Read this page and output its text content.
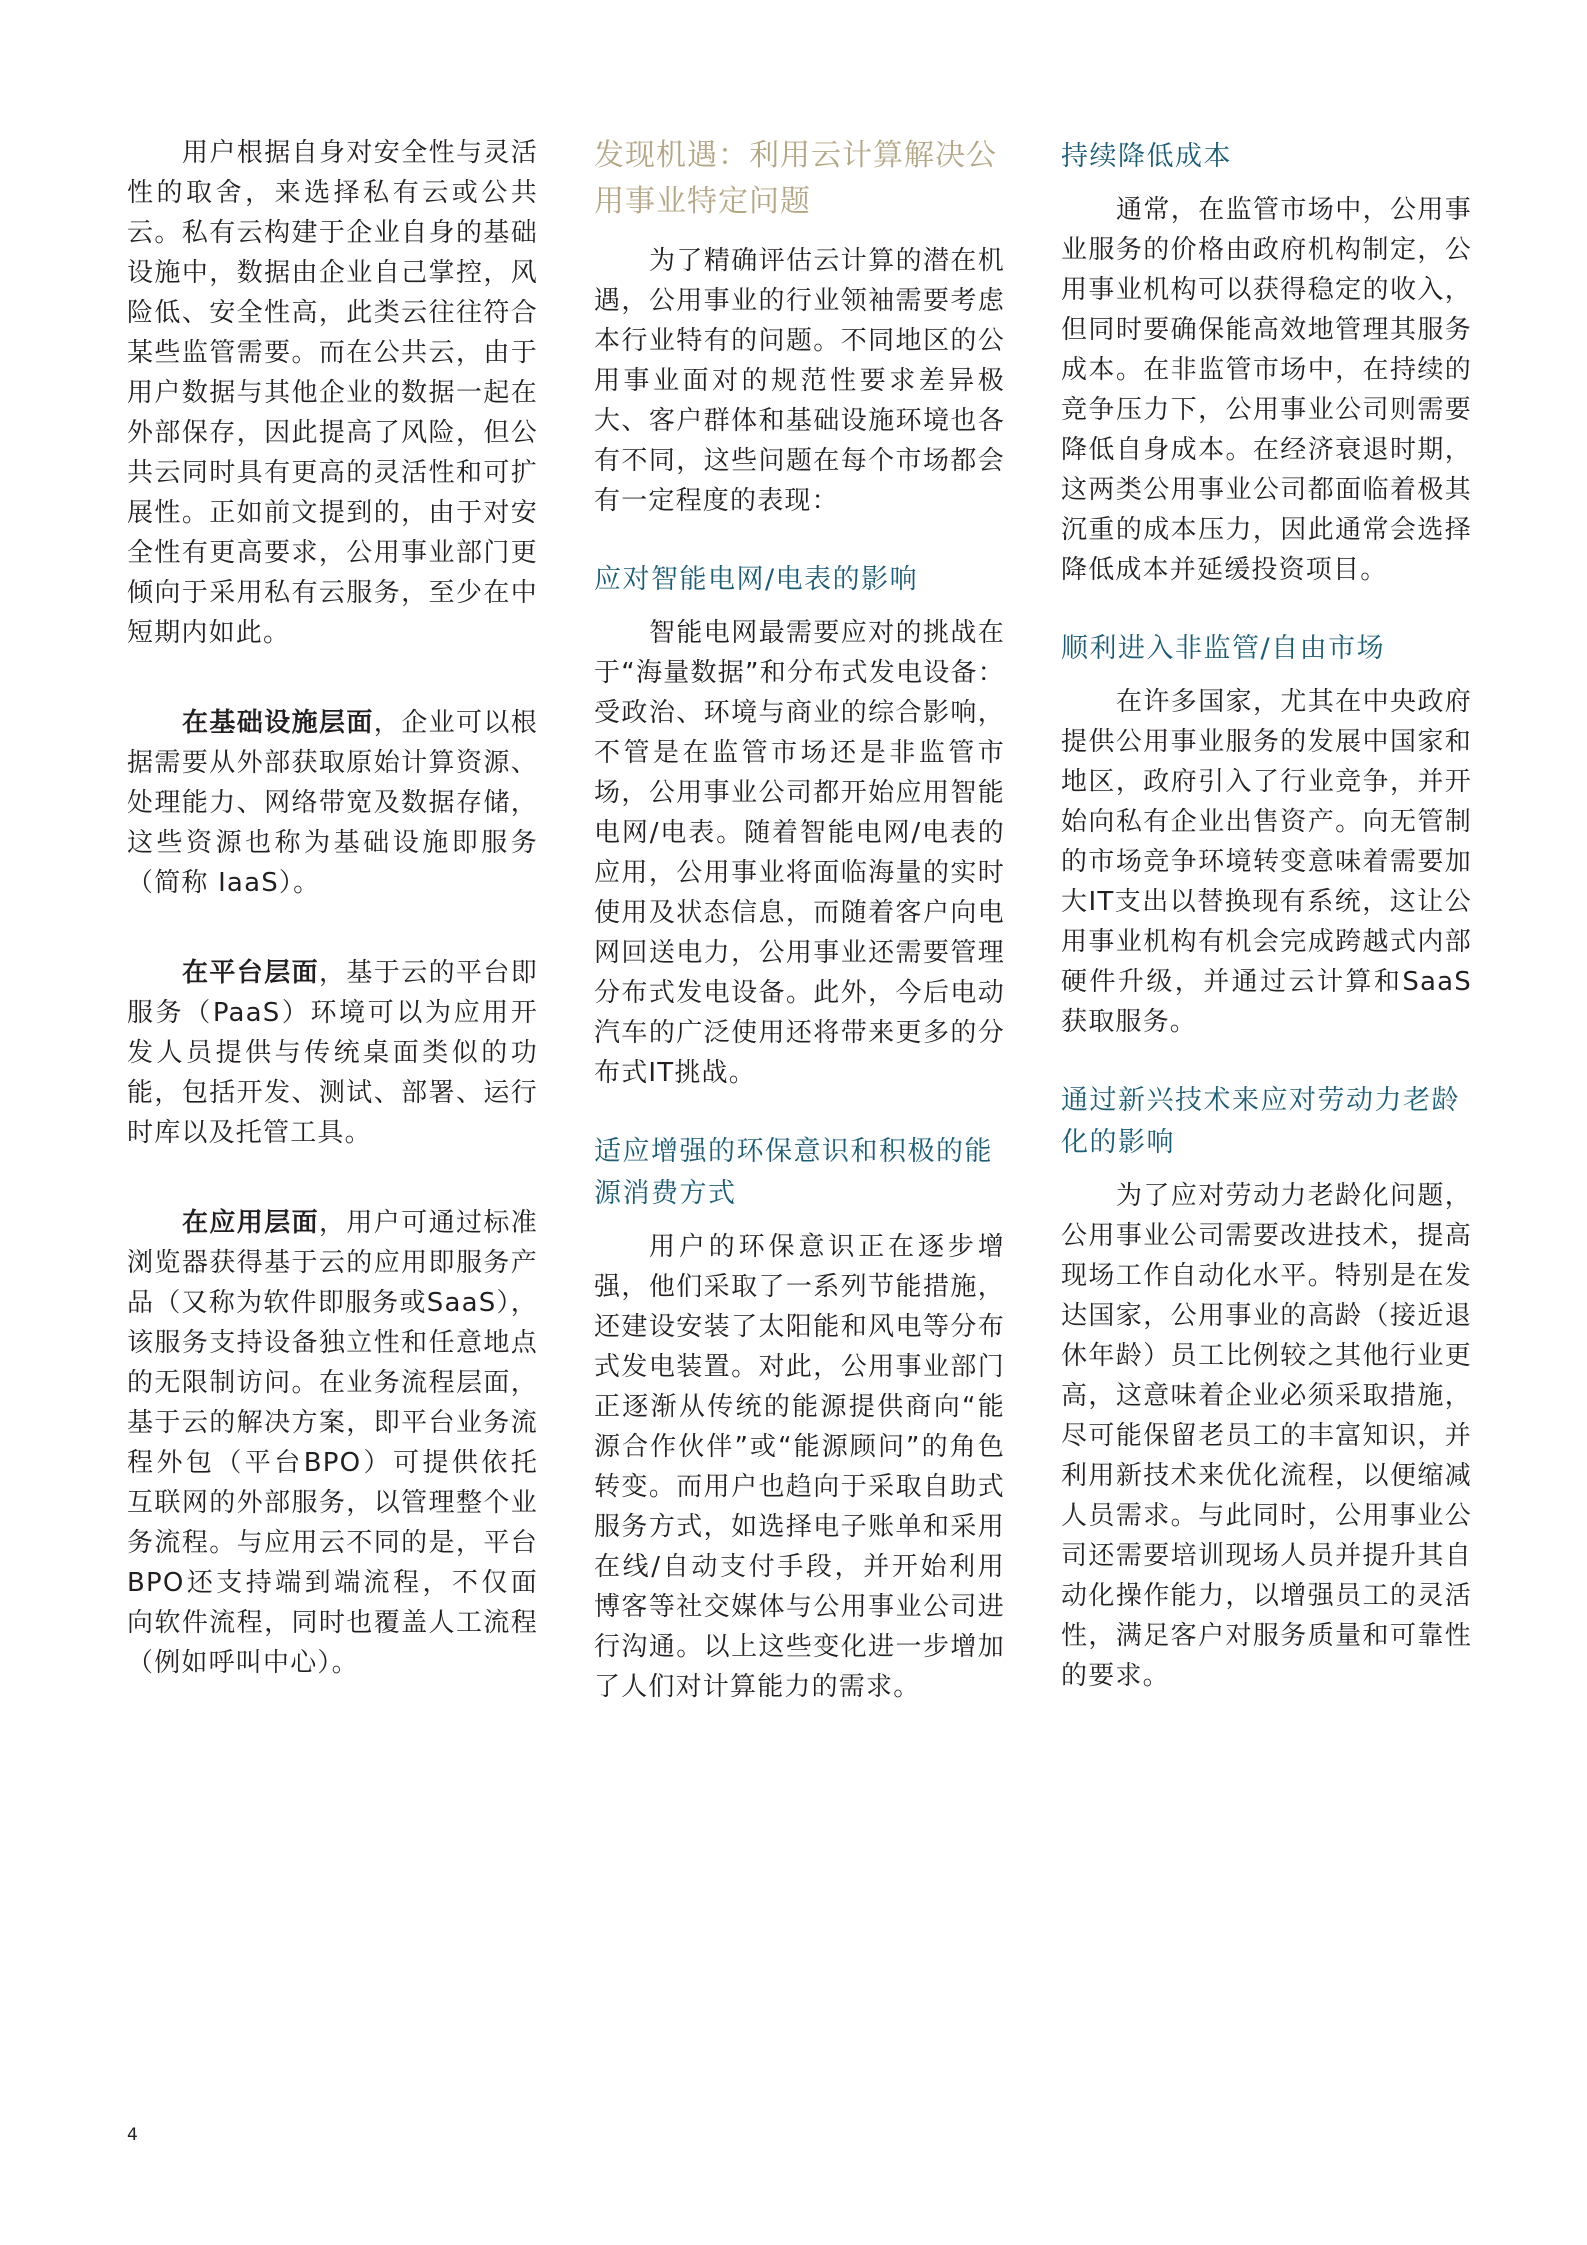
用户根据自身对安全性与灵活性的取舍，来选择私有云或公共云。私有云构建于企业自身的基础设施中，数据由企业自己掌控，风险低、安全性高，此类云往往符合某些监管需要。而在公共云，由于用户数据与其他企业的数据一起在外部保存，因此提高了风险，但公共云同时具有更高的灵活性和可扩展性。正如前文提到的，由于对安全性有更高要求，公用事业部门更倾向于采用私有云服务，至少在中短期内如此。

在基础设施层面，企业可以根据需要从外部获取原始计算资源、处理能力、网络带宽及数据存储，这些资源也称为基础设施即服务（简称 IaaS）。

在平台层面，基于云的平台即服务（PaaS）环境可以为应用开发人员提供与传统桌面类似的功能，包括开发、测试、部署、运行时库以及托管工具。

在应用层面，用户可通过标准浏览器获得基于云的应用即服务产品（又称为软件即服务或SaaS），该服务支持设备独立性和任意地点的无限制访问。在业务流程层面，基于云的解决方案，即平台业务流程外包（平台BPO）可提供依托互联网的外部服务，以管理整个业务流程。与应用云不同的是，平台BPO还支持端到端流程，不仅面向软件流程，同时也覆盖人工流程（例如呼叫中心）。

发现机遇：利用云计算解决公用事业特定问题

为了精确评估云计算的潜在机遇，公用事业的行业领袖需要考虑本行业特有的问题。不同地区的公用事业面对的规范性要求差异极大、客户群体和基础设施环境也各有不同，这些问题在每个市场都会有一定程度的表现：

应对智能电网/电表的影响

智能电网最需要应对的挑战在于“海量数据”和分布式发电设备：受政治、环境与商业的综合影响，不管是在监管市场还是非监管市场，公用事业公司都开始应用智能电网/电表。随着智能电网/电表的应用，公用事业将面临海量的实时使用及状态信息，而随着客户向电网回送电力，公用事业还需要管理分布式发电设备。此外，今后电动汽车的广泛使用还将带来更多的分布式IT挑战。

适应增强的环保意识和积极的能源消费方式

用户的环保意识正在逐步增强，他们采取了一系列节能措施，还建设安装了太阳能和风电等分布式发电装置。对此，公用事业部门正逐渐从传统的能源提供商向“能源合作伙伴”或“能源顾问”的角色转变。而用户也趋向于采取自助式服务方式，如选择电子账单和采用在线/自动支付手段，并开始利用博客等社交媒体与公用事业公司进行沟通。以上这些变化进一步增加了人们对计算能力的需求。

持续降低成本

通常，在监管市场中，公用事业服务的价格由政府机构制定，公用事业机构可以获得稳定的收入，但同时要确保能高效地管理其服务成本。在非监管市场中，在持续的竞争压力下，公用事业公司则需要降低自身成本。在经济衰退时期，这两类公用事业公司都面临着极其沉重的成本压力，因此通常会选择降低成本并延缓投资项目。

顺利进入非监管/自由市场

在许多国家，尤其在中央政府提供公用事业服务的发展中国家和地区，政府引入了行业竞争，并开始向私有企业出售资产。向无管制的市场竞争环境转变意味着需要加大IT支出以替换现有系统，这让公用事业机构有机会完成跨越式内部硬件升级，并通过云计算和SaaS获取服务。

通过新兴技术来应对劳动力老龄化的影响

为了应对劳动力老龄化问题，公用事业公司需要改进技术，提高现场工作自动化水平。特别是在发达国家，公用事业的高龄（接近退休年龄）员工比例较之其他行业更高，这意味着企业必须采取措施，尽可能保留老员工的丰富知识，并利用新技术来优化流程，以便缩减人员需求。与此同时，公用事业公司还需要培训现场人员并提升其自动化操作能力，以增强员工的灵活性，满足客户对服务质量和可靠性的要求。

4
